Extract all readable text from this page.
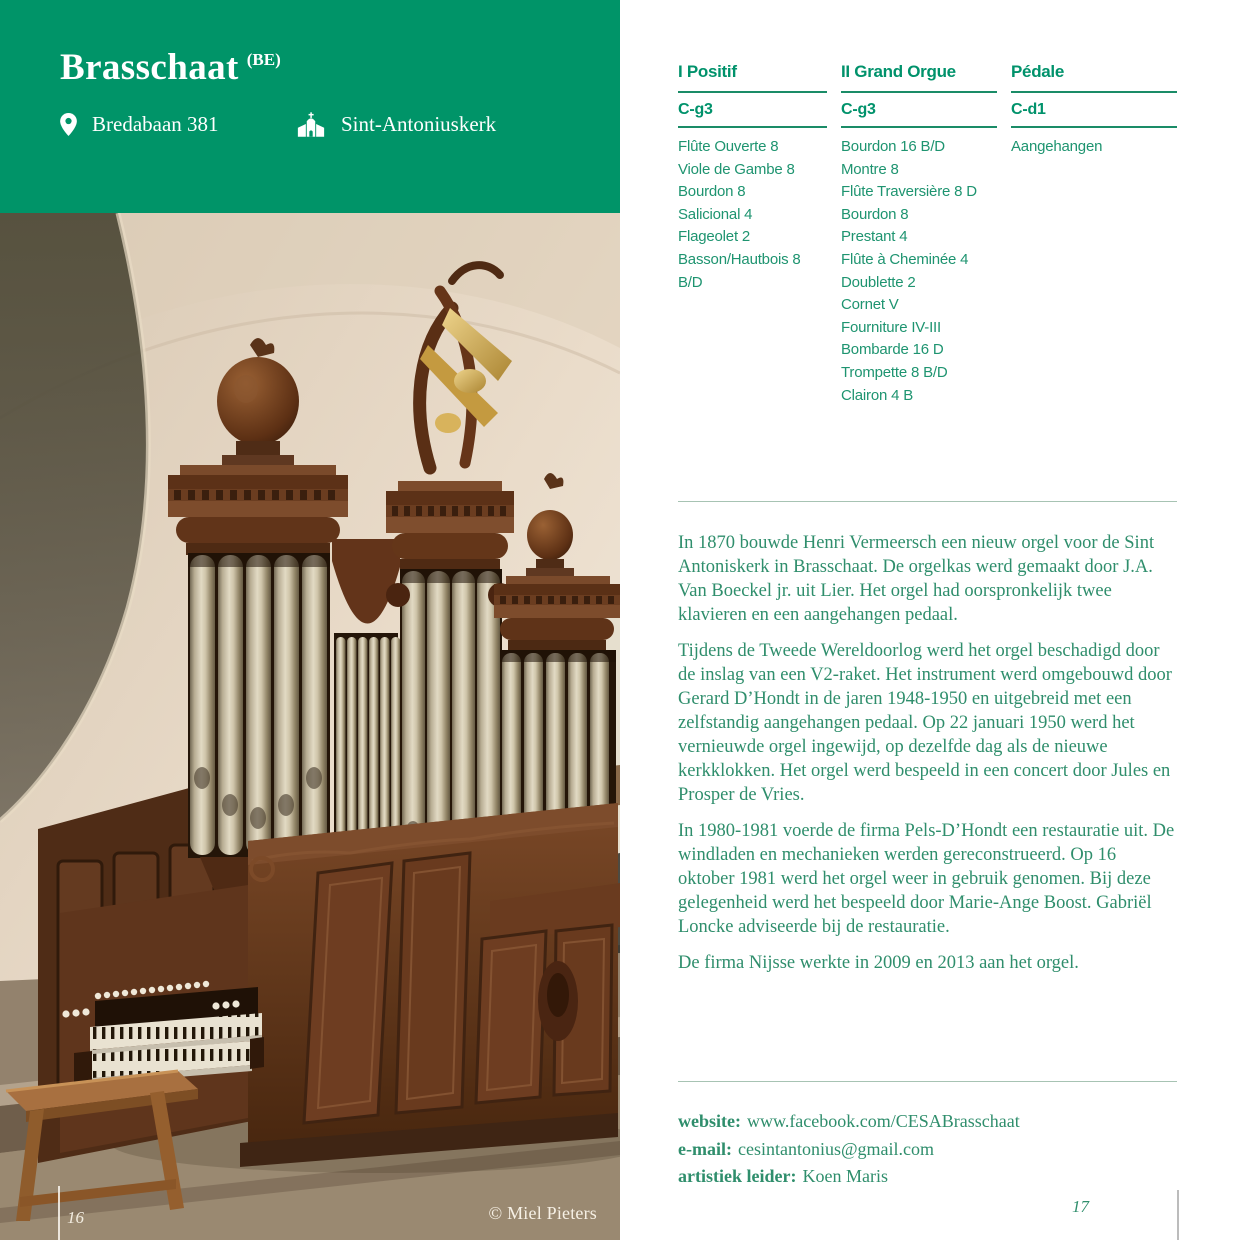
Brasschaat $^{(BE)}$
Bredabaan 381	Sint-Antoniuskerk
© Miel Pieters
16
I Positif
C-g3
Flûte Ouverte 8
Viole de Gambe 8
Bourdon 8
Salicional 4
Flageolet 2
Basson/Hautbois 8 B/D
II Grand Orgue
C-g3
Bourdon 16 B/D
Montre 8
Flûte Traversière 8 D
Bourdon 8
Prestant 4
Flûte à Cheminée 4
Doublette 2
Cornet V
Fourniture IV-III
Bombarde 16 D
Trompette 8 B/D
Clairon 4 B
Pédale
C-d1
Aangehangen

In 1870 bouwde Henri Vermeersch een nieuw orgel voor de Sint Antoniskerk in Brasschaat. De orgelkas werd gemaakt door J.A. Van Boeckel jr. uit Lier. Het orgel had oorspronkelijk twee klavieren en een aangehangen pedaal.

Tijdens de Tweede Wereldoorlog werd het orgel beschadigd door de inslag van een V2-raket. Het instrument werd omgebouwd door Gerard D’Hondt in de jaren 1948-1950 en uitgebreid met een zelfstandig aangehangen pedaal. Op 22 januari 1950 werd het vernieuwde orgel ingewijd, op dezelfde dag als de nieuwe kerkklokken. Het orgel werd bespeeld in een concert door Jules en Prosper de Vries.

In 1980-1981 voerde de firma Pels-D’Hondt een restauratie uit. De windladen en mechanieken werden gereconstrueerd. Op 16 oktober 1981 werd het orgel weer in gebruik genomen. Bij deze gelegenheid werd het bespeeld door Marie-Ange Boost. Gabriël Loncke adviseerde bij de restauratie.

De firma Nijsse werkte in 2009 en 2013 aan het orgel.

website: www.facebook.com/CESABrasschaat
e-mail: cesintantonius@gmail.com
artistiek leider: Koen Maris
17
